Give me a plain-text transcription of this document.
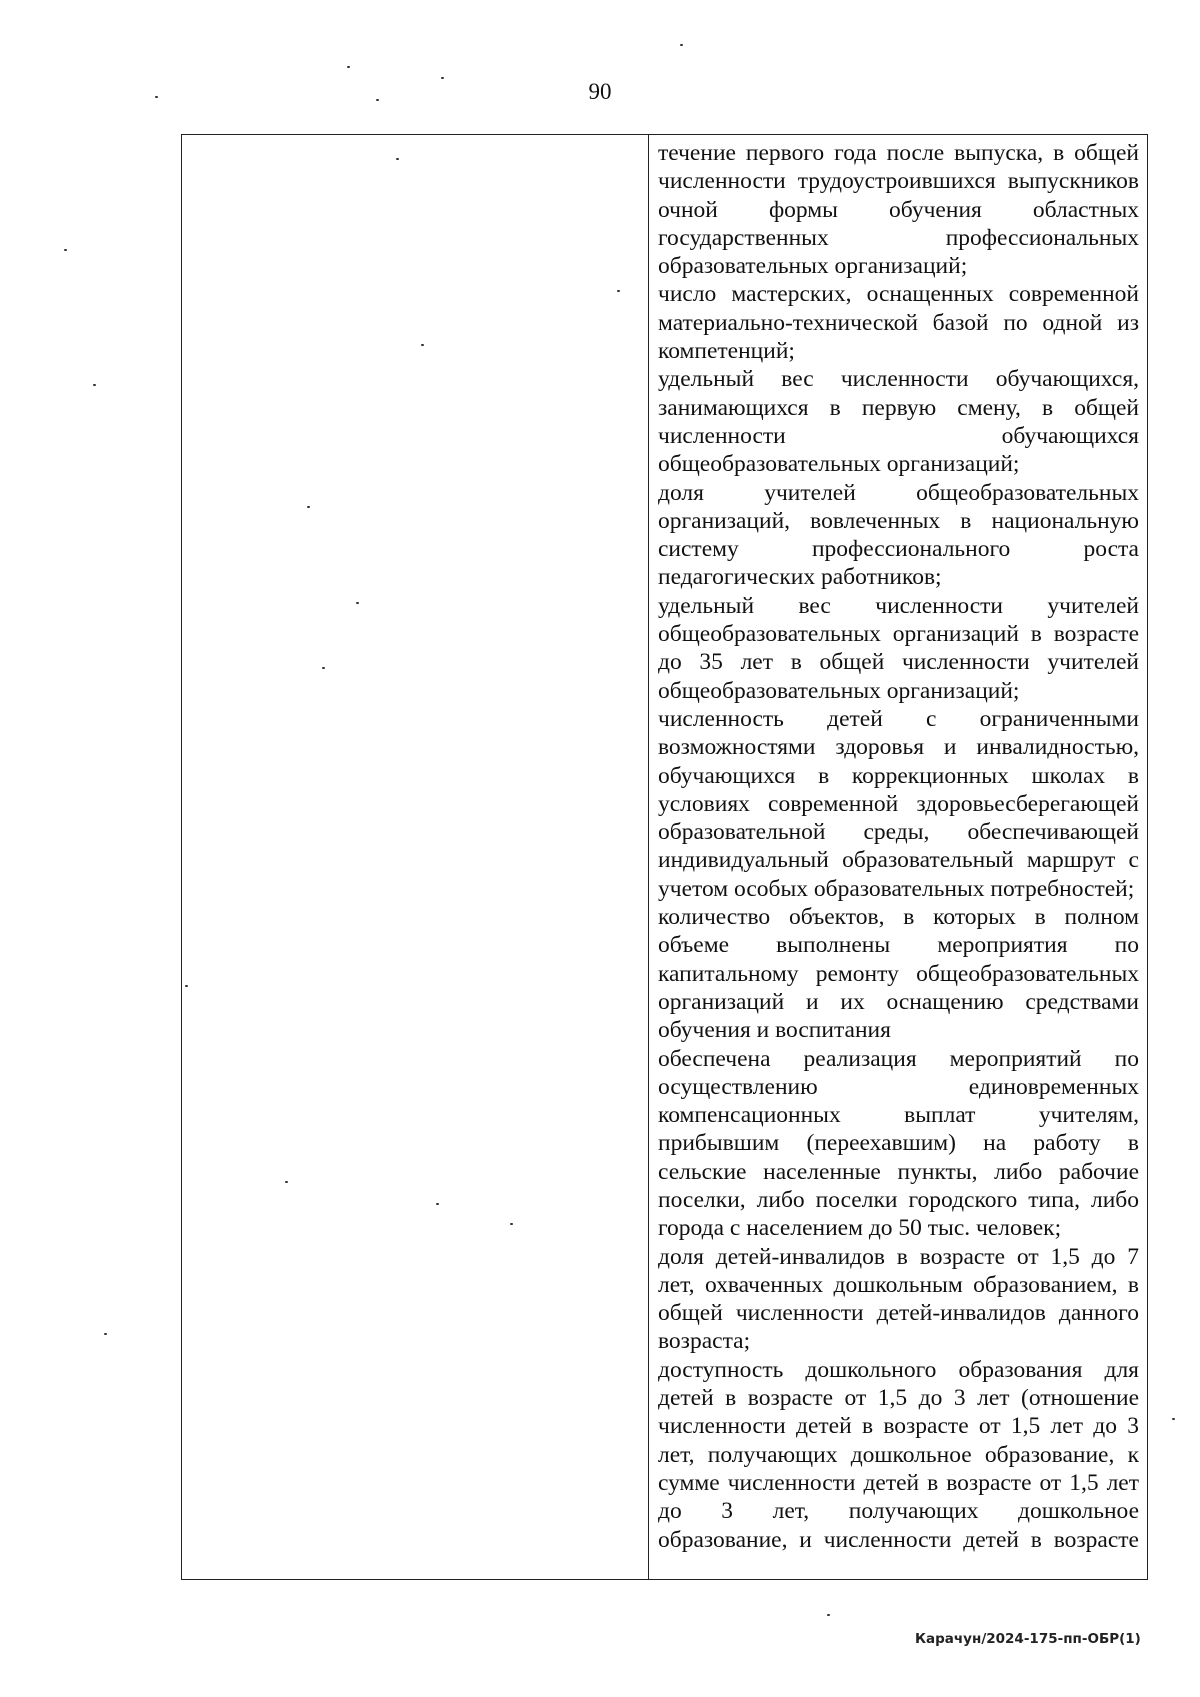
90

течение первого года после выпуска, в общей численности трудоустроившихся выпускников очной формы обучения областных государственных профессиональных образовательных организаций;

число мастерских, оснащенных современной материально-технической базой по одной из компетенций;

удельный вес численности обучающихся, занимающихся в первую смену, в общей численности обучающихся общеобразовательных организаций;

доля учителей общеобразовательных организаций, вовлеченных в национальную систему профессионального роста педагогических работников;

удельный вес численности учителей общеобразовательных организаций в возрасте до 35 лет в общей численности учителей общеобразовательных организаций;

численность детей с ограниченными возможностями здоровья и инвалидностью, обучающихся в коррекционных школах в условиях современной здоровьесберегающей образовательной среды, обеспечивающей индивидуальный образовательный маршрут с учетом особых образовательных потребностей;

количество объектов, в которых в полном объеме выполнены мероприятия по капитальному ремонту общеобразовательных организаций и их оснащению средствами обучения и воспитания

обеспечена реализация мероприятий по осуществлению единовременных компенсационных выплат учителям, прибывшим (переехавшим) на работу в сельские населенные пункты, либо рабочие поселки, либо поселки городского типа, либо города с населением до 50 тыс. человек;

доля детей-инвалидов в возрасте от 1,5 до 7 лет, охваченных дошкольным образованием, в общей численности детей-инвалидов данного возраста;

доступность дошкольного образования для детей в возрасте от 1,5 до 3 лет (отношение численности детей в возрасте от 1,5 лет до 3 лет, получающих дошкольное образование, к сумме численности детей в возрасте от 1,5 лет до 3 лет, получающих дошкольное образование, и численности детей в возрасте

Карачун/2024-175-пп-ОБР(1)
